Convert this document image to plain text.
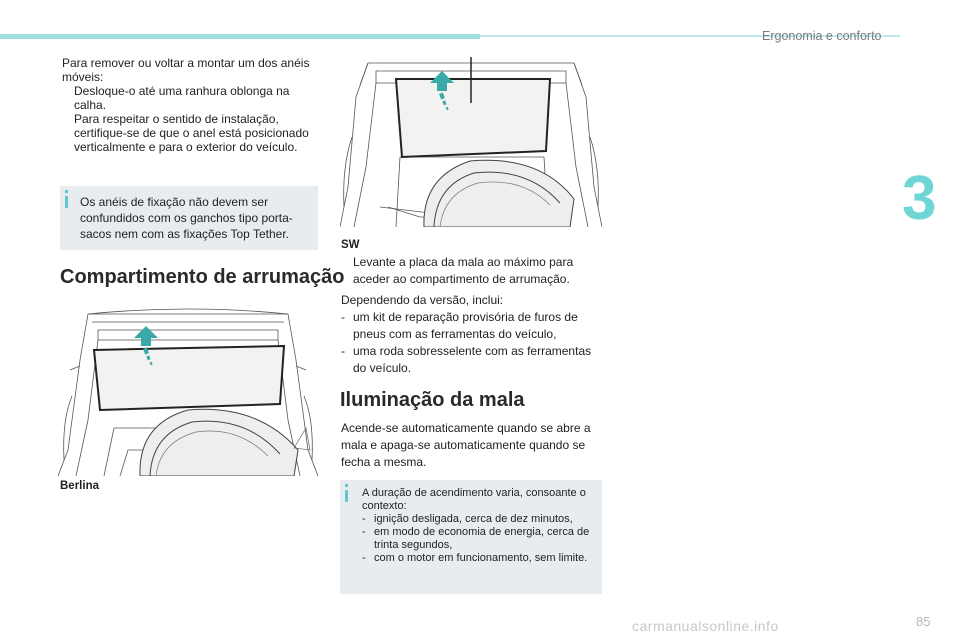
Ergonomia e conforto
3
Para remover ou voltar a montar um dos anéis móveis:
Desloque-o até uma ranhura oblonga na calha.
Para respeitar o sentido de instalação, certifique-se de que o anel está posicionado verticalmente e para o exterior do veículo.
Os anéis de fixação não devem ser confundidos com os ganchos tipo porta-sacos nem com as fixações Top Tether.
Compartimento de arrumação
Berlina
SW
Levante a placa da mala ao máximo para aceder ao compartimento de arrumação.
Dependendo da versão, inclui:
- um kit de reparação provisória de furos de pneus com as ferramentas do veículo,
- uma roda sobresselente com as ferramentas do veículo.
Iluminação da mala
Acende-se automaticamente quando se abre a mala e apaga-se automaticamente quando se fecha a mesma.
A duração de acendimento varia, consoante o contexto:
- ignição desligada, cerca de dez minutos,
- em modo de economia de energia, cerca de trinta segundos,
- com o motor em funcionamento, sem limite.
85
carmanualsonline.info
